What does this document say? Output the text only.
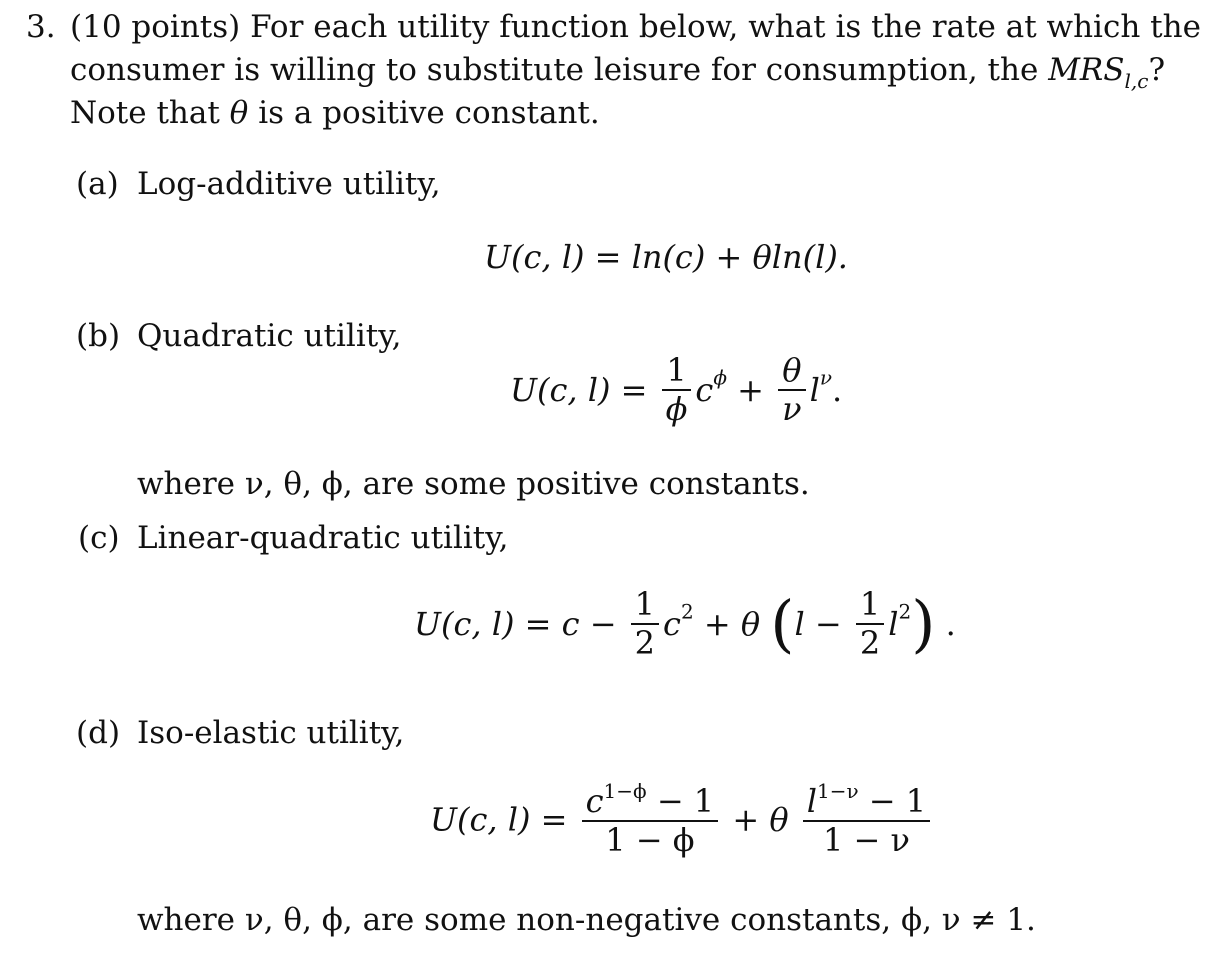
3. (10 points) For each utility function below, what is the rate at which the
consumer is willing to substitute leisure for consumption, the $MRS_{l,c}$?
Note that θ is a positive constant.
(a) Log-additive utility,
U(c, l) = ln(c) + θln(l).
(b) Quadratic utility,
U(c, $l) = \frac{1}{\phi} c^\phi + \frac{\theta}{\nu} l^\nu$.
where ν, θ, ϕ, are some positive constants.
(c) Linear-quadratic utility,
U(c, $l) = c - \frac{1}{2} c^2 + \theta$ $(l - \frac{1}{2} l^2)$ .
(d) Iso-elastic utility,
U(c, $l) = \frac{c^{1-\phi} - 1}{1 - \phi} + \theta \frac{l^{1-\nu} - 1}{1 - \nu}$
where ν, θ, ϕ, are some non-negative constants, ϕ, ν ≠ 1.
